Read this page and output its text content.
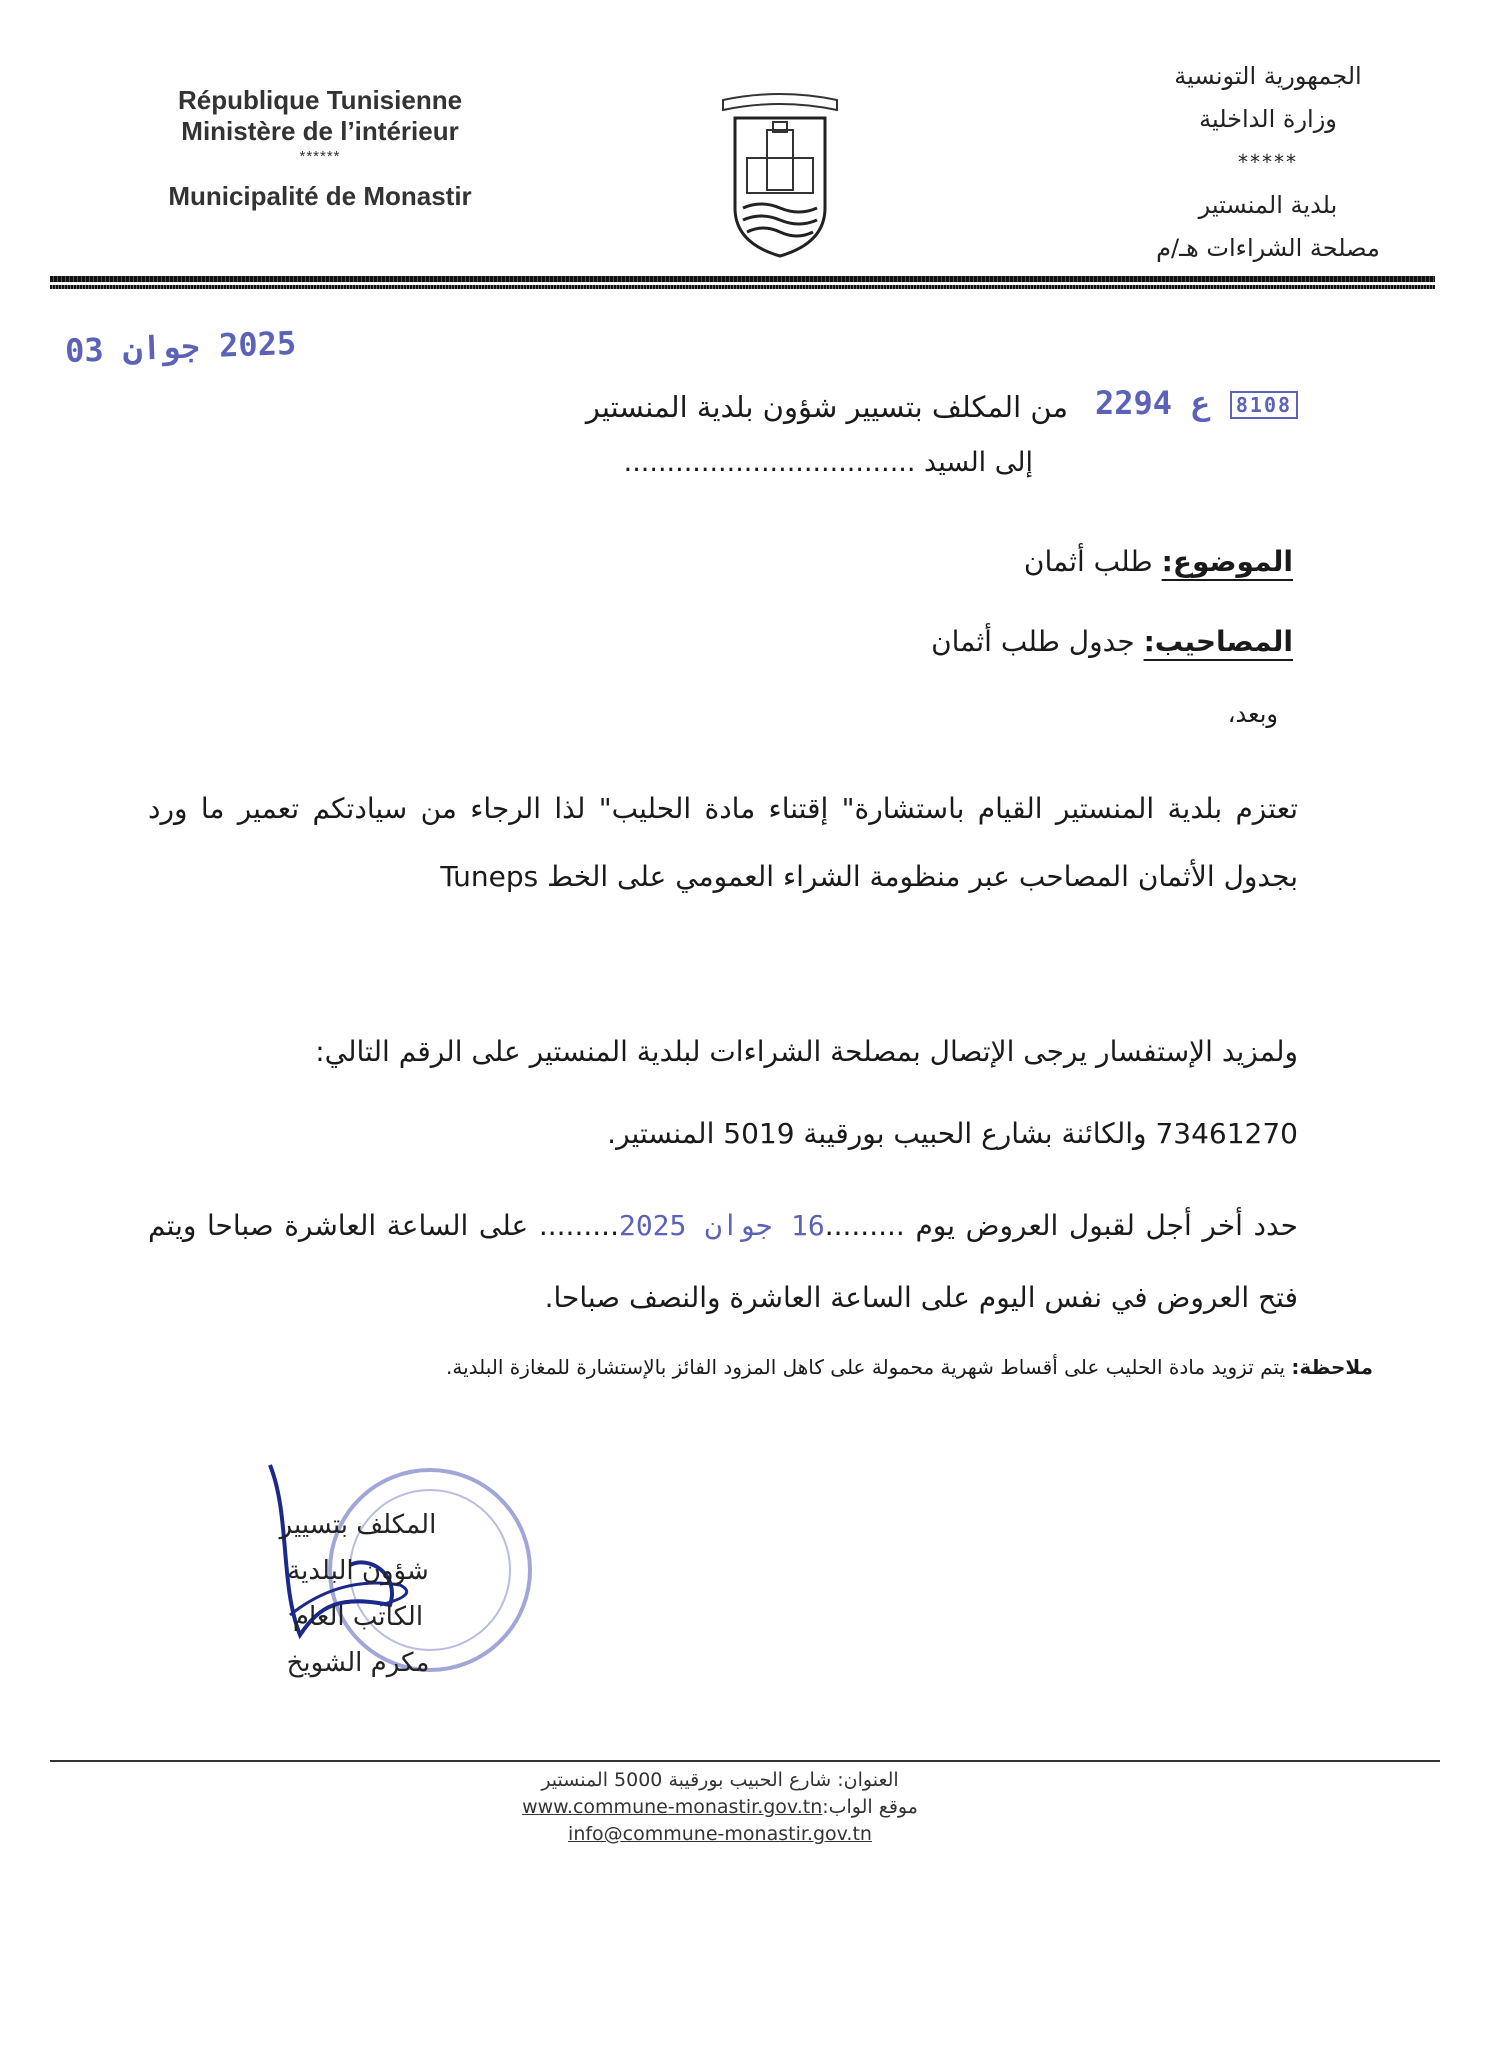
République Tunisienne
Ministère de l’intérieur
******
Municipalité de Monastir
الجمهورية التونسية
وزارة الداخلية
*****
بلدية المنستير
مصلحة الشراءات هـ/م
2025 جوان 03
2294 ع 8108
من المكلف بتسيير شؤون بلدية المنستير
إلى السيد ..................................
الموضوع: طلب أثمان
المصاحيب: جدول طلب أثمان
وبعد،
تعتزم بلدية المنستير القيام باستشارة" إقتناء مادة الحليب" لذا الرجاء من سيادتكم تعمير ما ورد بجدول الأثمان المصاحب عبر منظومة الشراء العمومي على الخط Tuneps
ولمزيد الإستفسار يرجى الإتصال بمصلحة الشراءات لبلدية المنستير على الرقم التالي:
73461270 والكائنة بشارع الحبيب بورقيبة 5019 المنستير.
حدد أخر أجل لقبول العروض يوم .........16 جوان 2025......... على الساعة العاشرة صباحا ويتم فتح العروض في نفس اليوم على الساعة العاشرة والنصف صباحا.
ملاحظة: يتم تزويد مادة الحليب على أقساط شهرية محمولة على كاهل المزود الفائز بالإستشارة للمغازة البلدية.
المكلف بتسيير شؤون البلدية
الكاتب العام
مكرم الشويخ
العنوان: شارع الحبيب بورقيبة 5000 المنستير
www.commune-monastir.gov.tnموقع الواب:
info@commune-monastir.gov.tn
